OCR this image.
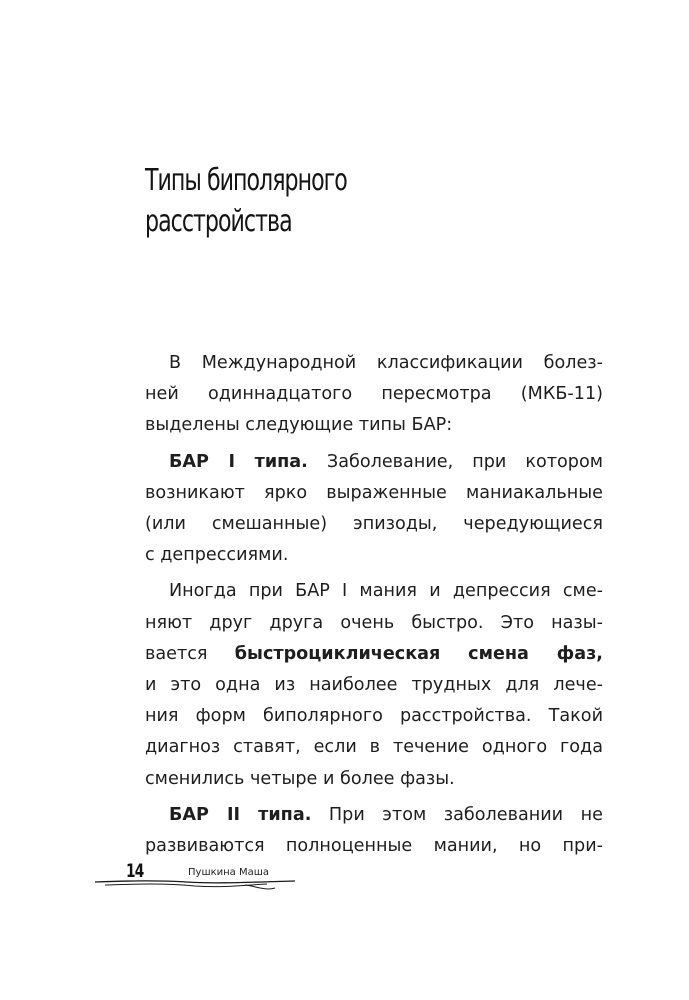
Типы биполярного
расстройства

В Международной классификации болез-
ней одиннадцатого пересмотра (МКБ-11)
выделены следующие типы БАР:

БАР I типа. Заболевание, при котором
возникают ярко выраженные маниакальные
(или смешанные) эпизоды, чередующиеся
с депрессиями.

Иногда при БАР I мания и депрессия сме-
няют друг друга очень быстро. Это назы-
вается быстроциклическая смена фаз,
и это одна из наиболее трудных для лече-
ния форм биполярного расстройства. Такой
диагноз ставят, если в течение одного года
сменились четыре и более фазы.

БАР II типа. При этом заболевании не
развиваются полноценные мании, но при-

14	Пушкина Маша
